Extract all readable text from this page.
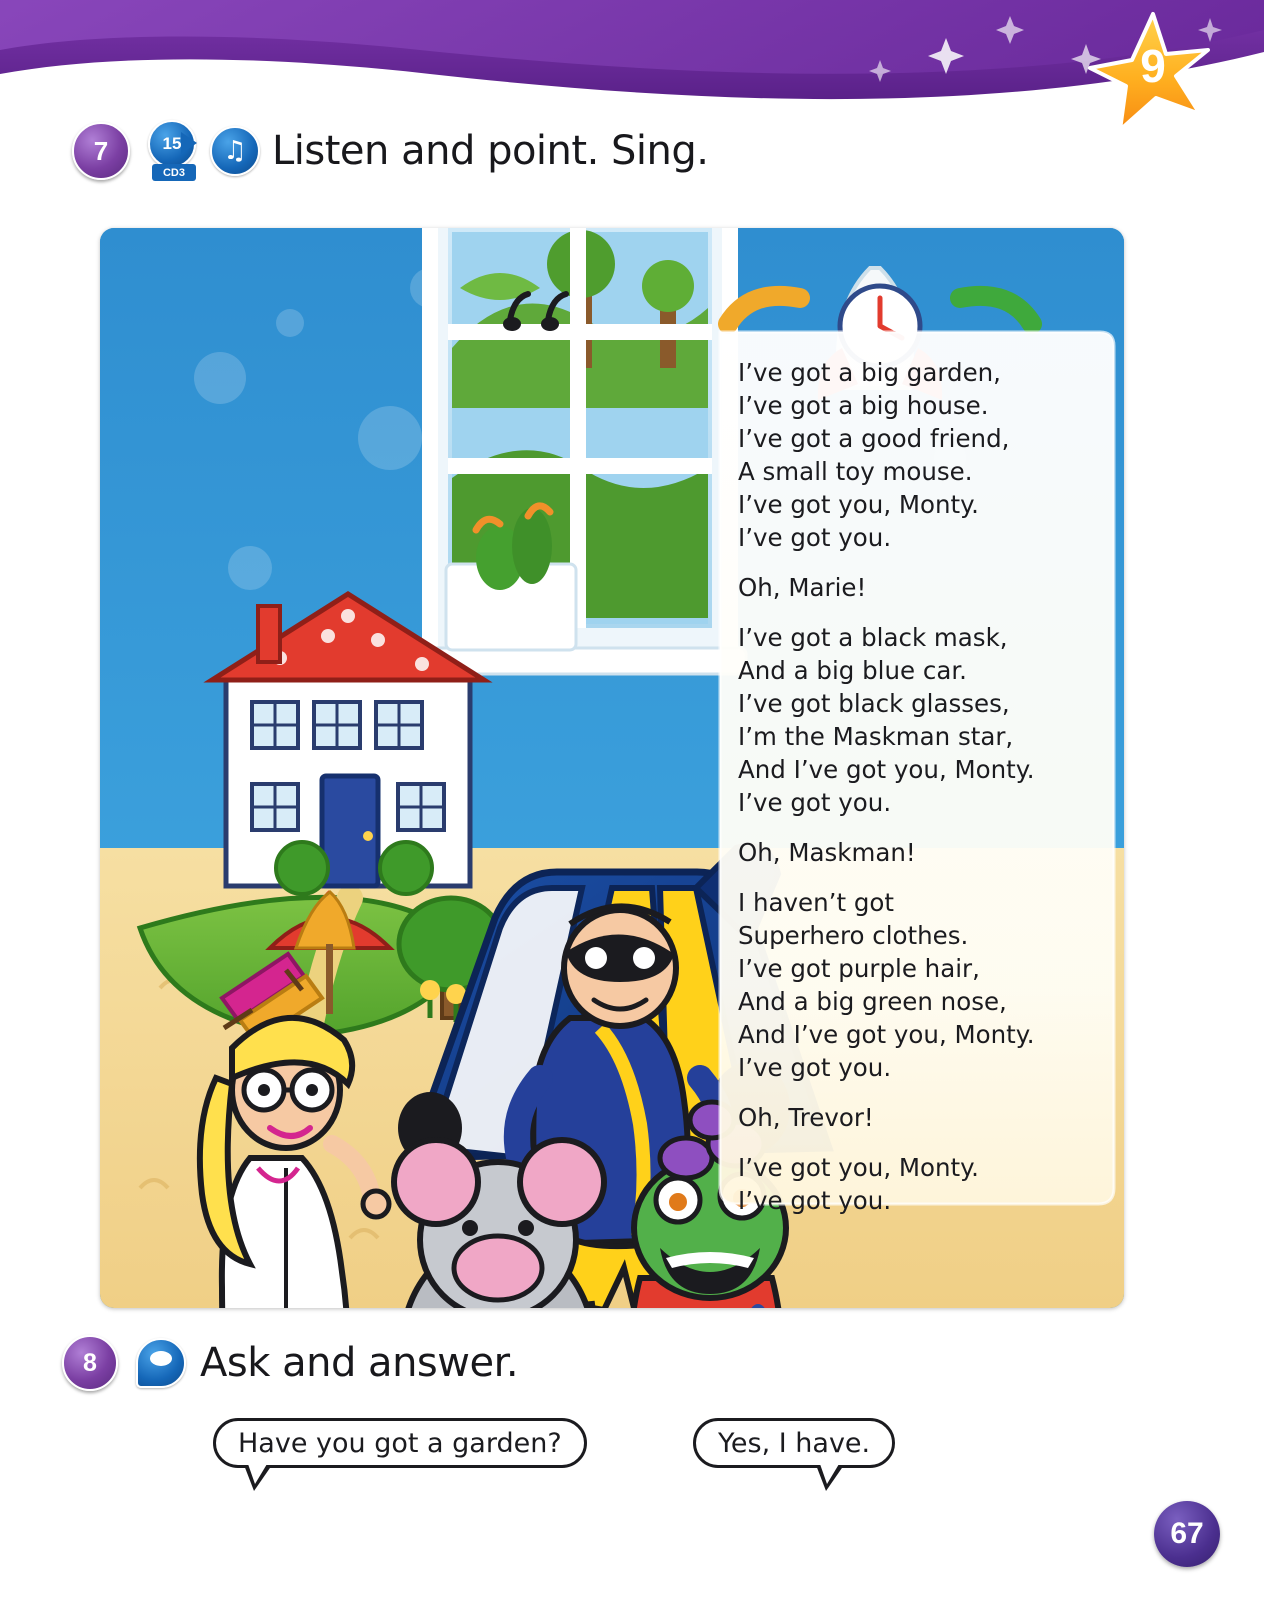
9
7	15
CD3
♫ Listen and point. Sing.
I’ve got a big garden,
I’ve got a big house.
I’ve got a good friend,
A small toy mouse.
I’ve got you, Monty.
I’ve got you.
Oh, Marie!
I’ve got a black mask,
And a big blue car.
I’ve got black glasses,
I’m the Maskman star,
And I’ve got you, Monty.
I’ve got you.
Oh, Maskman!
I haven’t got
Superhero clothes.
I’ve got purple hair,
And a big green nose,
And I’ve got you, Monty.
I’ve got you.
Oh, Trevor!
I’ve got you, Monty.
I’ve got you.
8	Ask and answer.
Have you got a garden?	Yes, I have.
67
